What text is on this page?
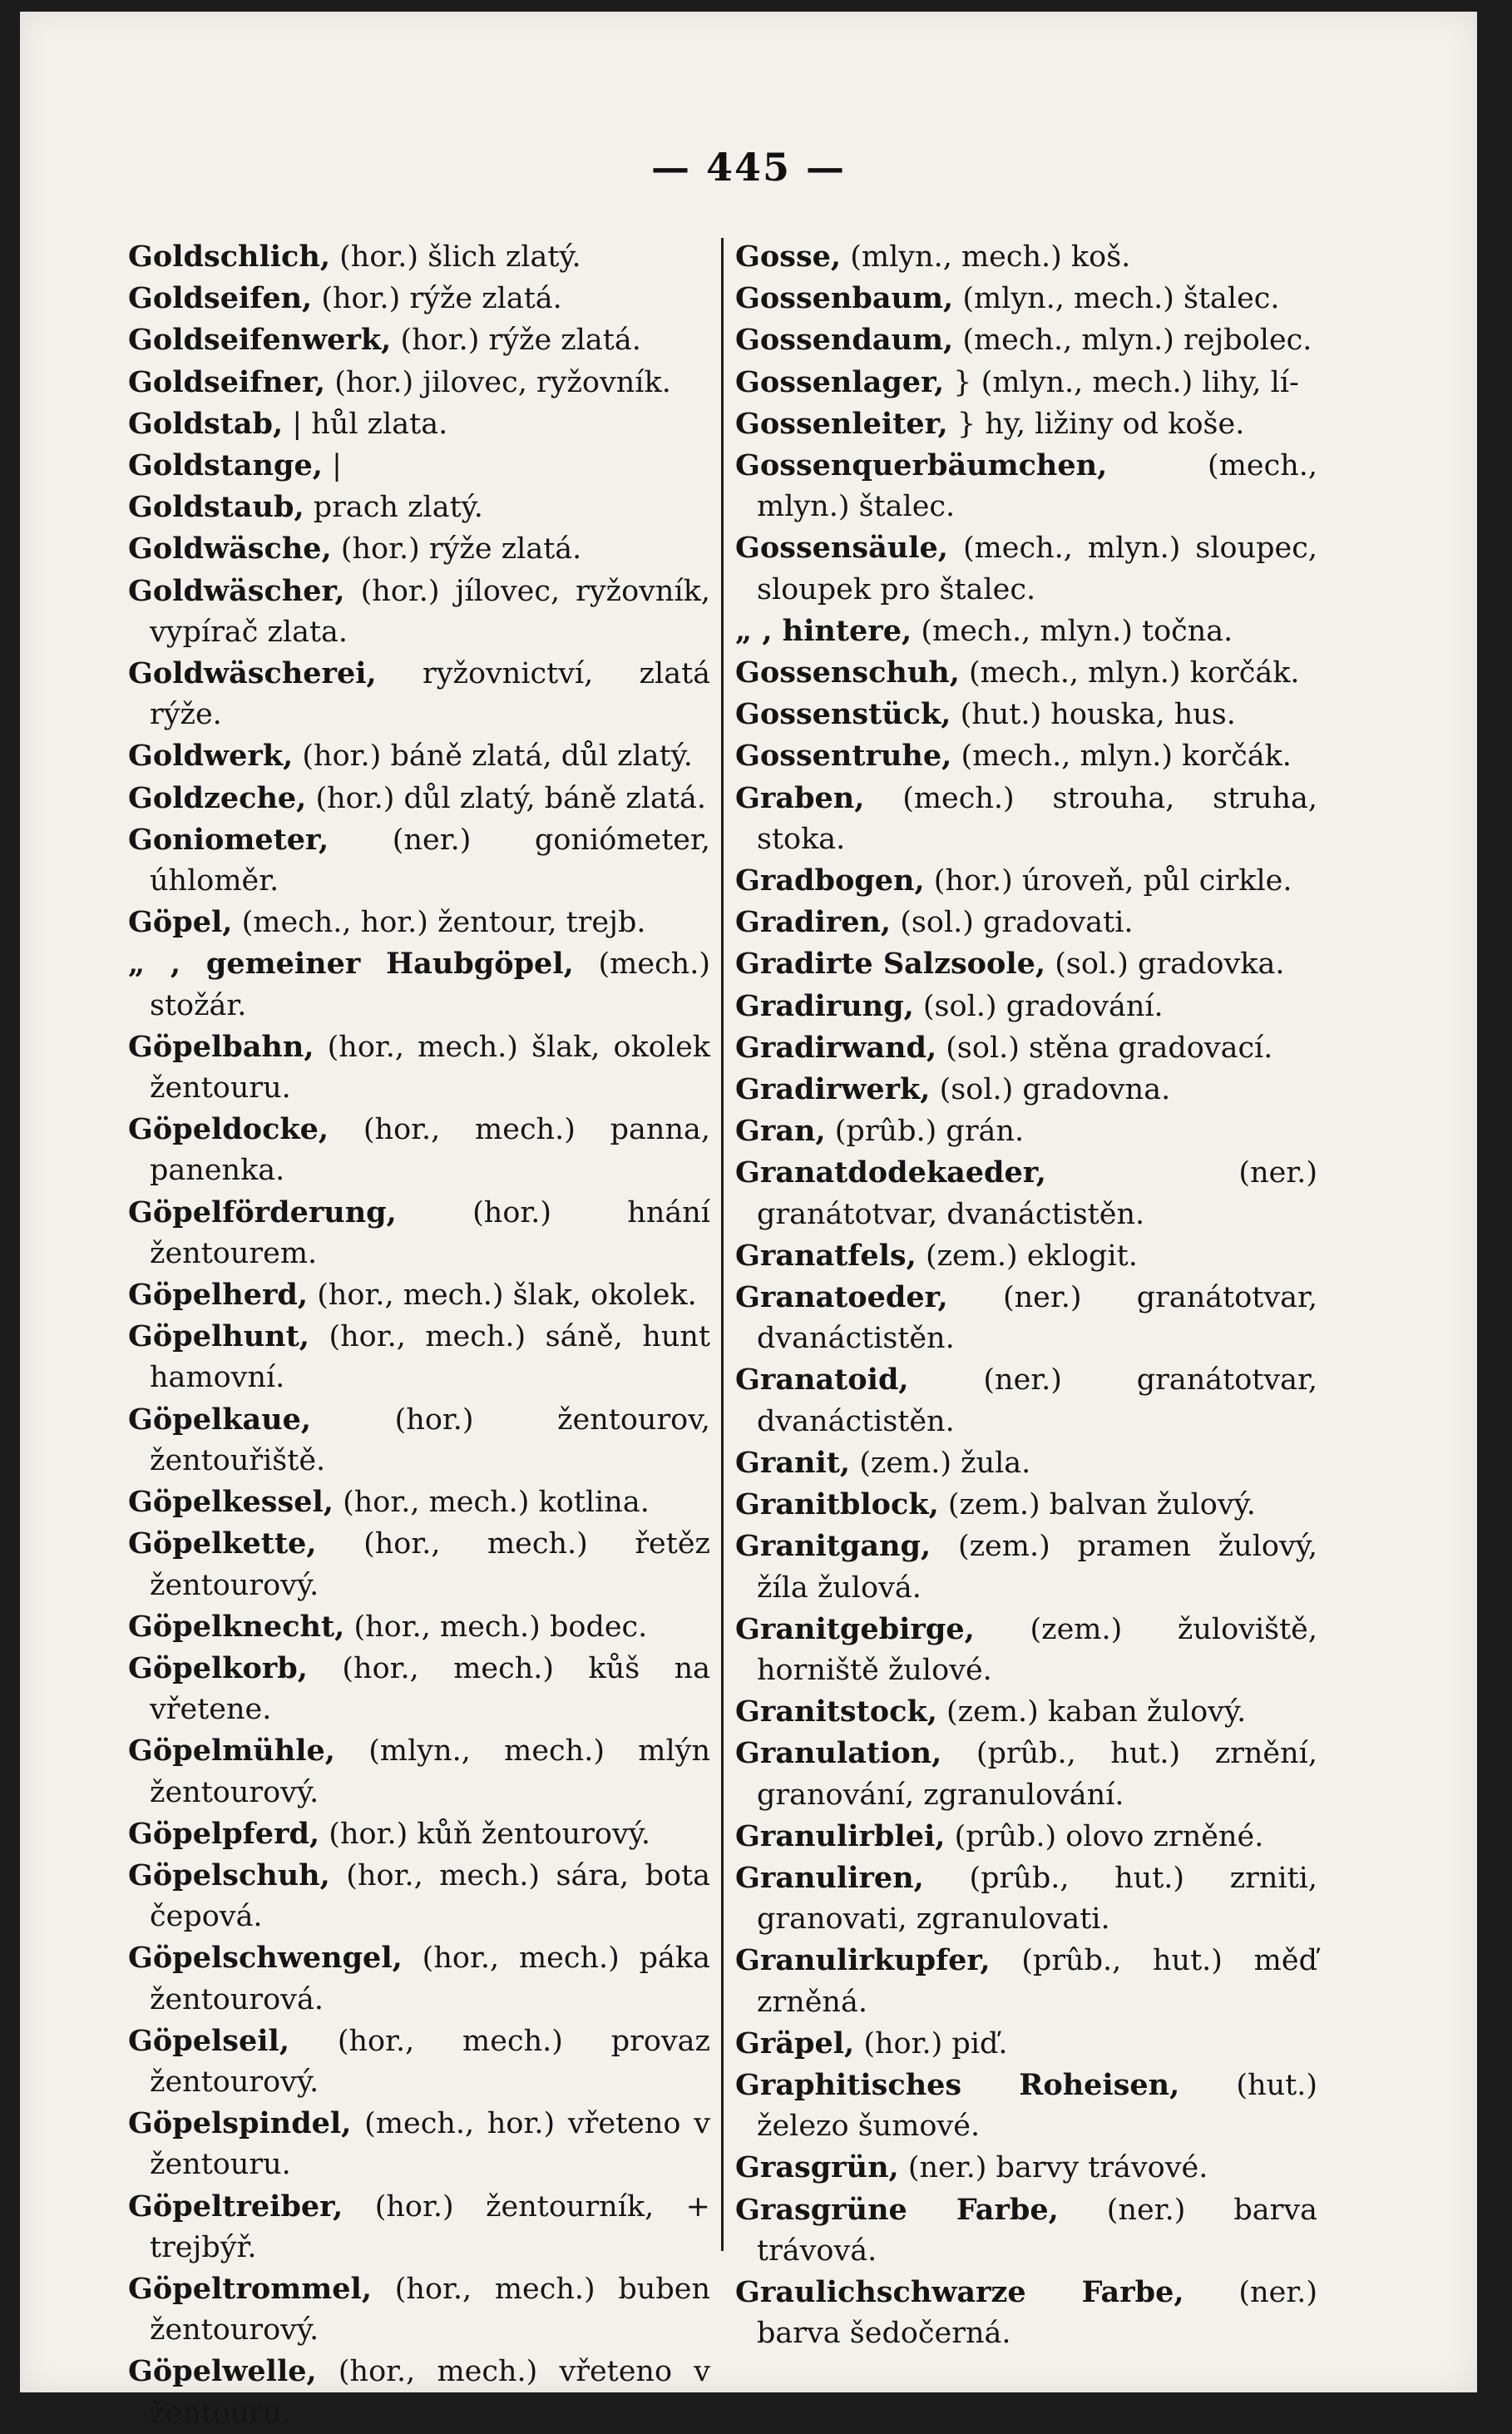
— 445 —

Goldschlich, (hor.) šlich zlatý.

Goldseifen, (hor.) rýže zlatá.

Goldseifenwerk, (hor.) rýže zlatá.

Goldseifner, (hor.) jilovec, ryžovník.

Goldstab, | hůl zlata.

Goldstange, |

Goldstaub, prach zlatý.

Goldwäsche, (hor.) rýže zlatá.

Goldwäscher, (hor.) jílovec, ryžovník, vypírač zlata.

Goldwäscherei, ryžovnictví, zlatá rýže.

Goldwerk, (hor.) báně zlatá, důl zlatý.

Goldzeche, (hor.) důl zlatý, báně zlatá.

Goniometer, (ner.) goniómeter, úhloměr.

Göpel, (mech., hor.) žentour, trejb.

„ , gemeiner Haubgöpel, (mech.) stožár.

Göpelbahn, (hor., mech.) šlak, okolek žentouru.

Göpeldocke, (hor., mech.) panna, panenka.

Göpelförderung, (hor.) hnání žentourem.

Göpelherd, (hor., mech.) šlak, okolek.

Göpelhunt, (hor., mech.) sáně, hunt hamovní.

Göpelkaue, (hor.) žentourov, žentouřiště.

Göpelkessel, (hor., mech.) kotlina.

Göpelkette, (hor., mech.) řetěz žentourový.

Göpelknecht, (hor., mech.) bodec.

Göpelkorb, (hor., mech.) kůš na vřetene.

Göpelmühle, (mlyn., mech.) mlýn žentourový.

Göpelpferd, (hor.) kůň žentourový.

Göpelschuh, (hor., mech.) sára, bota čepová.

Göpelschwengel, (hor., mech.) páka žentourová.

Göpelseil, (hor., mech.) provaz žentourový.

Göpelspindel, (mech., hor.) vřeteno v žentouru.

Göpeltreiber, (hor.) žentourník, + trejbýř.

Göpeltrommel, (hor., mech.) buben žentourový.

Göpelwelle, (hor., mech.) vřeteno v žentouru.

Gosse, (mlyn., mech.) koš.

Gossenbaum, (mlyn., mech.) štalec.

Gossendaum, (mech., mlyn.) rejbolec.

Gossenlager, } (mlyn., mech.) lihy, lí-

Gossenleiter, } hy, ližiny od koše.

Gossenquerbäumchen, (mech., mlyn.) štalec.

Gossensäule, (mech., mlyn.) sloupec, sloupek pro štalec.

„ , hintere, (mech., mlyn.) točna.

Gossenschuh, (mech., mlyn.) korčák.

Gossenstück, (hut.) houska, hus.

Gossentruhe, (mech., mlyn.) korčák.

Graben, (mech.) strouha, struha, stoka.

Gradbogen, (hor.) úroveň, půl cirkle.

Gradiren, (sol.) gradovati.

Gradirte Salzsoole, (sol.) gradovka.

Gradirung, (sol.) gradování.

Gradirwand, (sol.) stěna gradovací.

Gradirwerk, (sol.) gradovna.

Gran, (prûb.) grán.

Granatdodekaeder, (ner.) granátotvar, dvanáctistěn.

Granatfels, (zem.) eklogit.

Granatoeder, (ner.) granátotvar, dvanáctistěn.

Granatoid, (ner.) granátotvar, dvanáctistěn.

Granit, (zem.) žula.

Granitblock, (zem.) balvan žulový.

Granitgang, (zem.) pramen žulový, žíla žulová.

Granitgebirge, (zem.) žuloviště, horniště žulové.

Granitstock, (zem.) kaban žulový.

Granulation, (prûb., hut.) zrnění, granování, zgranulování.

Granulirblei, (prûb.) olovo zrněné.

Granuliren, (prûb., hut.) zrniti, granovati, zgranulovati.

Granulirkupfer, (prûb., hut.) měď zrněná.

Gräpel, (hor.) piď.

Graphitisches Roheisen, (hut.) železo šumové.

Grasgrün, (ner.) barvy trávové.

Grasgrüne Farbe, (ner.) barva trávová.

Graulichschwarze Farbe, (ner.) barva šedočerná.
